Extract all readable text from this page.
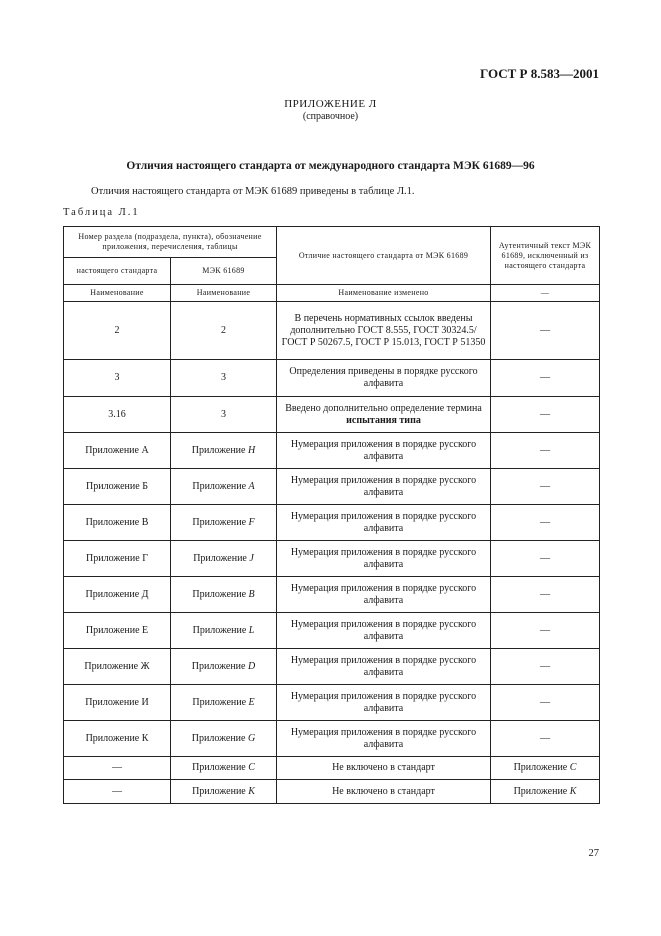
ГОСТ Р 8.583—2001
ПРИЛОЖЕНИЕ Л
(справочное)
Отличия настоящего стандарта от международного стандарта МЭК 61689—96
Отличия настоящего стандарта от МЭК 61689 приведены в таблице Л.1.
Таблица Л.1
Номер раздела (подраздела, пункта), обозначение приложения, перечисления, таблицы		Отличие настоящего стандарта от МЭК 61689	Аутентичный текст МЭК 61689, исключенный из настоящего стандарта
настоящего стандарта	МЭК 61689		
Наименование	Наименование	Наименование изменено	—
2	2	В перечень нормативных ссылок введены дополнительно ГОСТ 8.555, ГОСТ 30324.5/ГОСТ Р 50267.5, ГОСТ Р 15.013, ГОСТ Р 51350	—
3	3	Определения приведены в порядке русского алфавита	—
3.16	3	Введено дополнительно определение термина испытания типа	—
Приложение А	Приложение H	Нумерация приложения в порядке русского алфавита	—
Приложение Б	Приложение A	Нумерация приложения в порядке русского алфавита	—
Приложение В	Приложение F	Нумерация приложения в порядке русского алфавита	—
Приложение Г	Приложение J	Нумерация приложения в порядке русского алфавита	—
Приложение Д	Приложение B	Нумерация приложения в порядке русского алфавита	—
Приложение Е	Приложение L	Нумерация приложения в порядке русского алфавита	—
Приложение Ж	Приложение D	Нумерация приложения в порядке русского алфавита	—
Приложение И	Приложение E	Нумерация приложения в порядке русского алфавита	—
Приложение К	Приложение G	Нумерация приложения в порядке русского алфавита	—
—	Приложение C	Не включено в стандарт	Приложение C
—	Приложение K	Не включено в стандарт	Приложение K
27
